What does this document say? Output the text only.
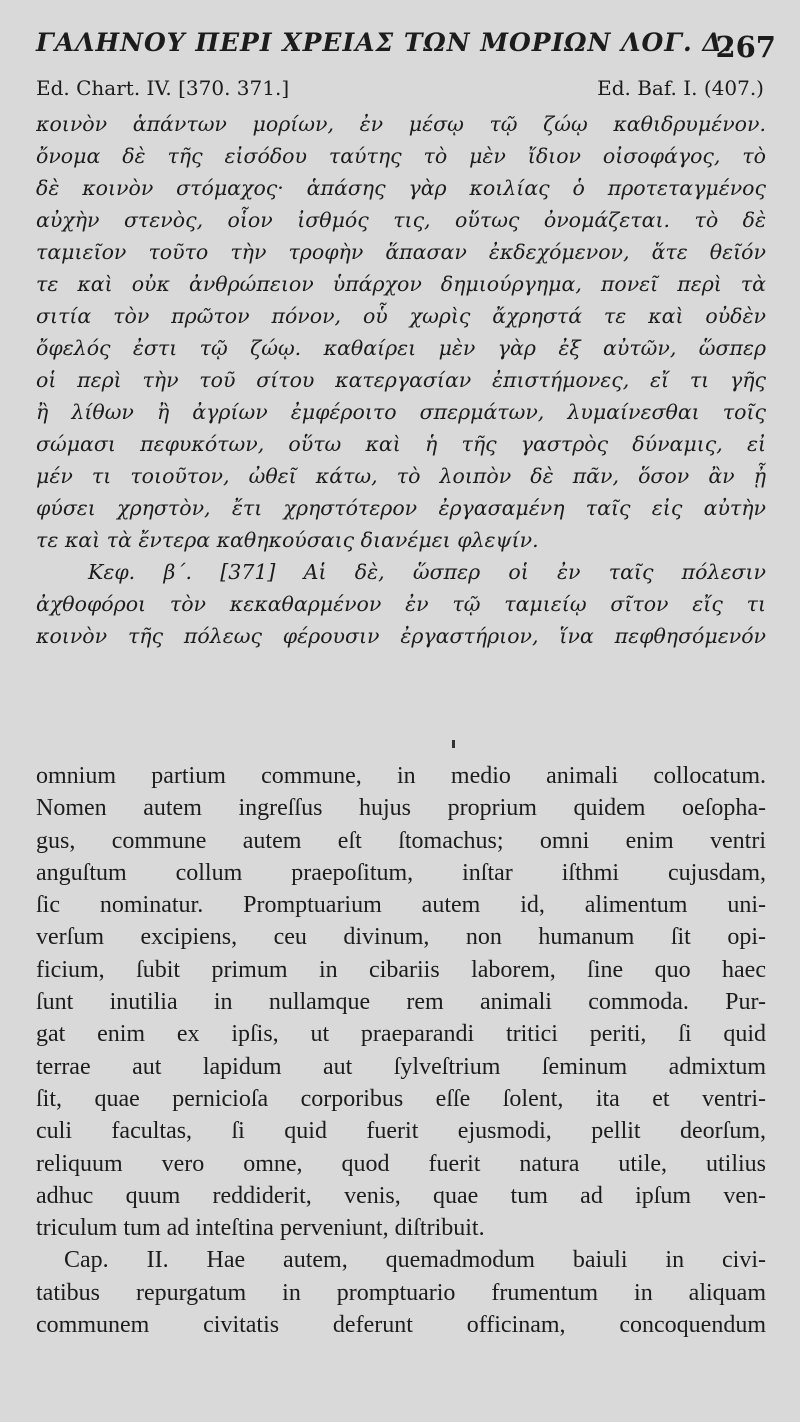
ΓΑΛΗΝΟΥ ΠΕΡΙ ΧΡΕΙΑΣ ΤΩΝ ΜΟΡΙΩΝ ΛΟΓ. Δ.
267
Ed. Chart. IV. [370. 371.]	Ed. Baf. I. (407.)
κοινὸν ἁπάντων μορίων, ἐν μέσῳ τῷ ζώῳ καθιδρυμένον.
ὄνομα δὲ τῆς εἰσόδου ταύτης τὸ μὲν ἴδιον οἰσοφάγος, τὸ
δὲ κοινὸν στόμαχος· ἁπάσης γὰρ κοιλίας ὁ προτεταγμένος
αὐχὴν στενὸς, οἷον ἰσθμός τις, οὕτως ὀνομάζεται. τὸ δὲ
ταμιεῖον τοῦτο τὴν τροφὴν ἅπασαν ἐκδεχόμενον, ἅτε θεῖόν
τε καὶ οὐκ ἀνθρώπειον ὑπάρχον δημιούργημα, πονεῖ περὶ τὰ
σιτία τὸν πρῶτον πόνον, οὗ χωρὶς ἄχρηστά τε καὶ οὐδὲν
ὄφελός ἐστι τῷ ζώῳ. καθαίρει μὲν γὰρ ἐξ αὐτῶν, ὥσπερ
οἱ περὶ τὴν τοῦ σίτου κατεργασίαν ἐπιστήμονες, εἴ τι γῆς
ἢ λίθων ἢ ἀγρίων ἐμφέροιτο σπερμάτων, λυμαίνεσθαι τοῖς
σώμασι πεφυκότων, οὕτω καὶ ἡ τῆς γαστρὸς δύναμις, εἰ
μέν τι τοιοῦτον, ὠθεῖ κάτω, τὸ λοιπὸν δὲ πᾶν, ὅσον ἂν ᾖ
φύσει χρηστὸν, ἔτι χρηστότερον ἐργασαμένη ταῖς εἰς αὐτὴν
τε καὶ τὰ ἔντερα καθηκούσαις διανέμει φλεψίν.
Κεφ. β΄. [371] Αἱ δὲ, ὥσπερ οἱ ἐν ταῖς πόλεσιν
ἀχθοφόροι τὸν κεκαθαρμένον ἐν τῷ ταμιείῳ σῖτον εἴς τι
κοινὸν τῆς πόλεως φέρουσιν ἐργαστήριον, ἵνα πεφθησόμενόν
omnium partium commune, in medio animali collocatum.
Nomen autem ingreſſus hujus proprium quidem oeſopha-
gus, commune autem eſt ſtomachus; omni enim ventri
anguſtum collum praepoſitum, inſtar iſthmi cujusdam,
ſic nominatur. Promptuarium autem id, alimentum uni-
verſum excipiens, ceu divinum, non humanum ſit opi-
ficium, ſubit primum in cibariis laborem, ſine quo haec
ſunt inutilia in nullamque rem animali commoda. Pur-
gat enim ex ipſis, ut praeparandi tritici periti, ſi quid
terrae aut lapidum aut ſylveſtrium ſeminum admixtum
ſit, quae pernicioſa corporibus eſſe ſolent, ita et ventri-
culi facultas, ſi quid fuerit ejusmodi, pellit deorſum,
reliquum vero omne, quod fuerit natura utile, utilius
adhuc quum reddiderit, venis, quae tum ad ipſum ven-
triculum tum ad inteſtina perveniunt, diſtribuit.
Cap. II. Hae autem, quemadmodum baiuli in civi-
tatibus repurgatum in promptuario frumentum in aliquam
communem civitatis deferunt officinam, concoquendum
